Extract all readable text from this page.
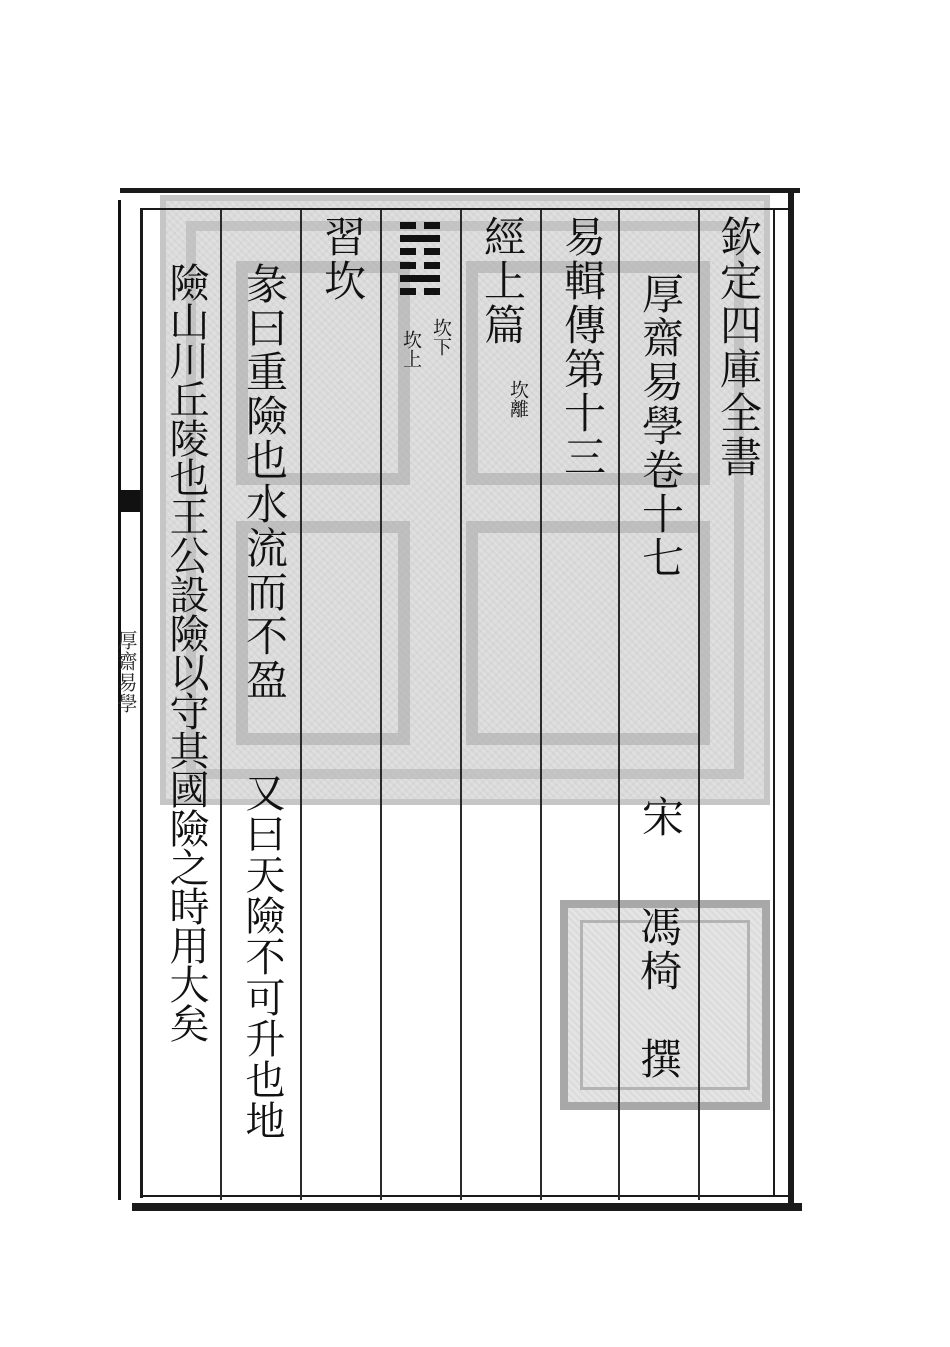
厚齋易學
欽定四庫全書
厚齋易學卷十七
宋
馮椅　撰
易輯傳第十三
經上篇
坎離
坎下
坎上
習坎
彖曰重險也水流而不盈
又曰天險不可升也地
險山川丘陵也王公設險以守其國險之時用大矣
